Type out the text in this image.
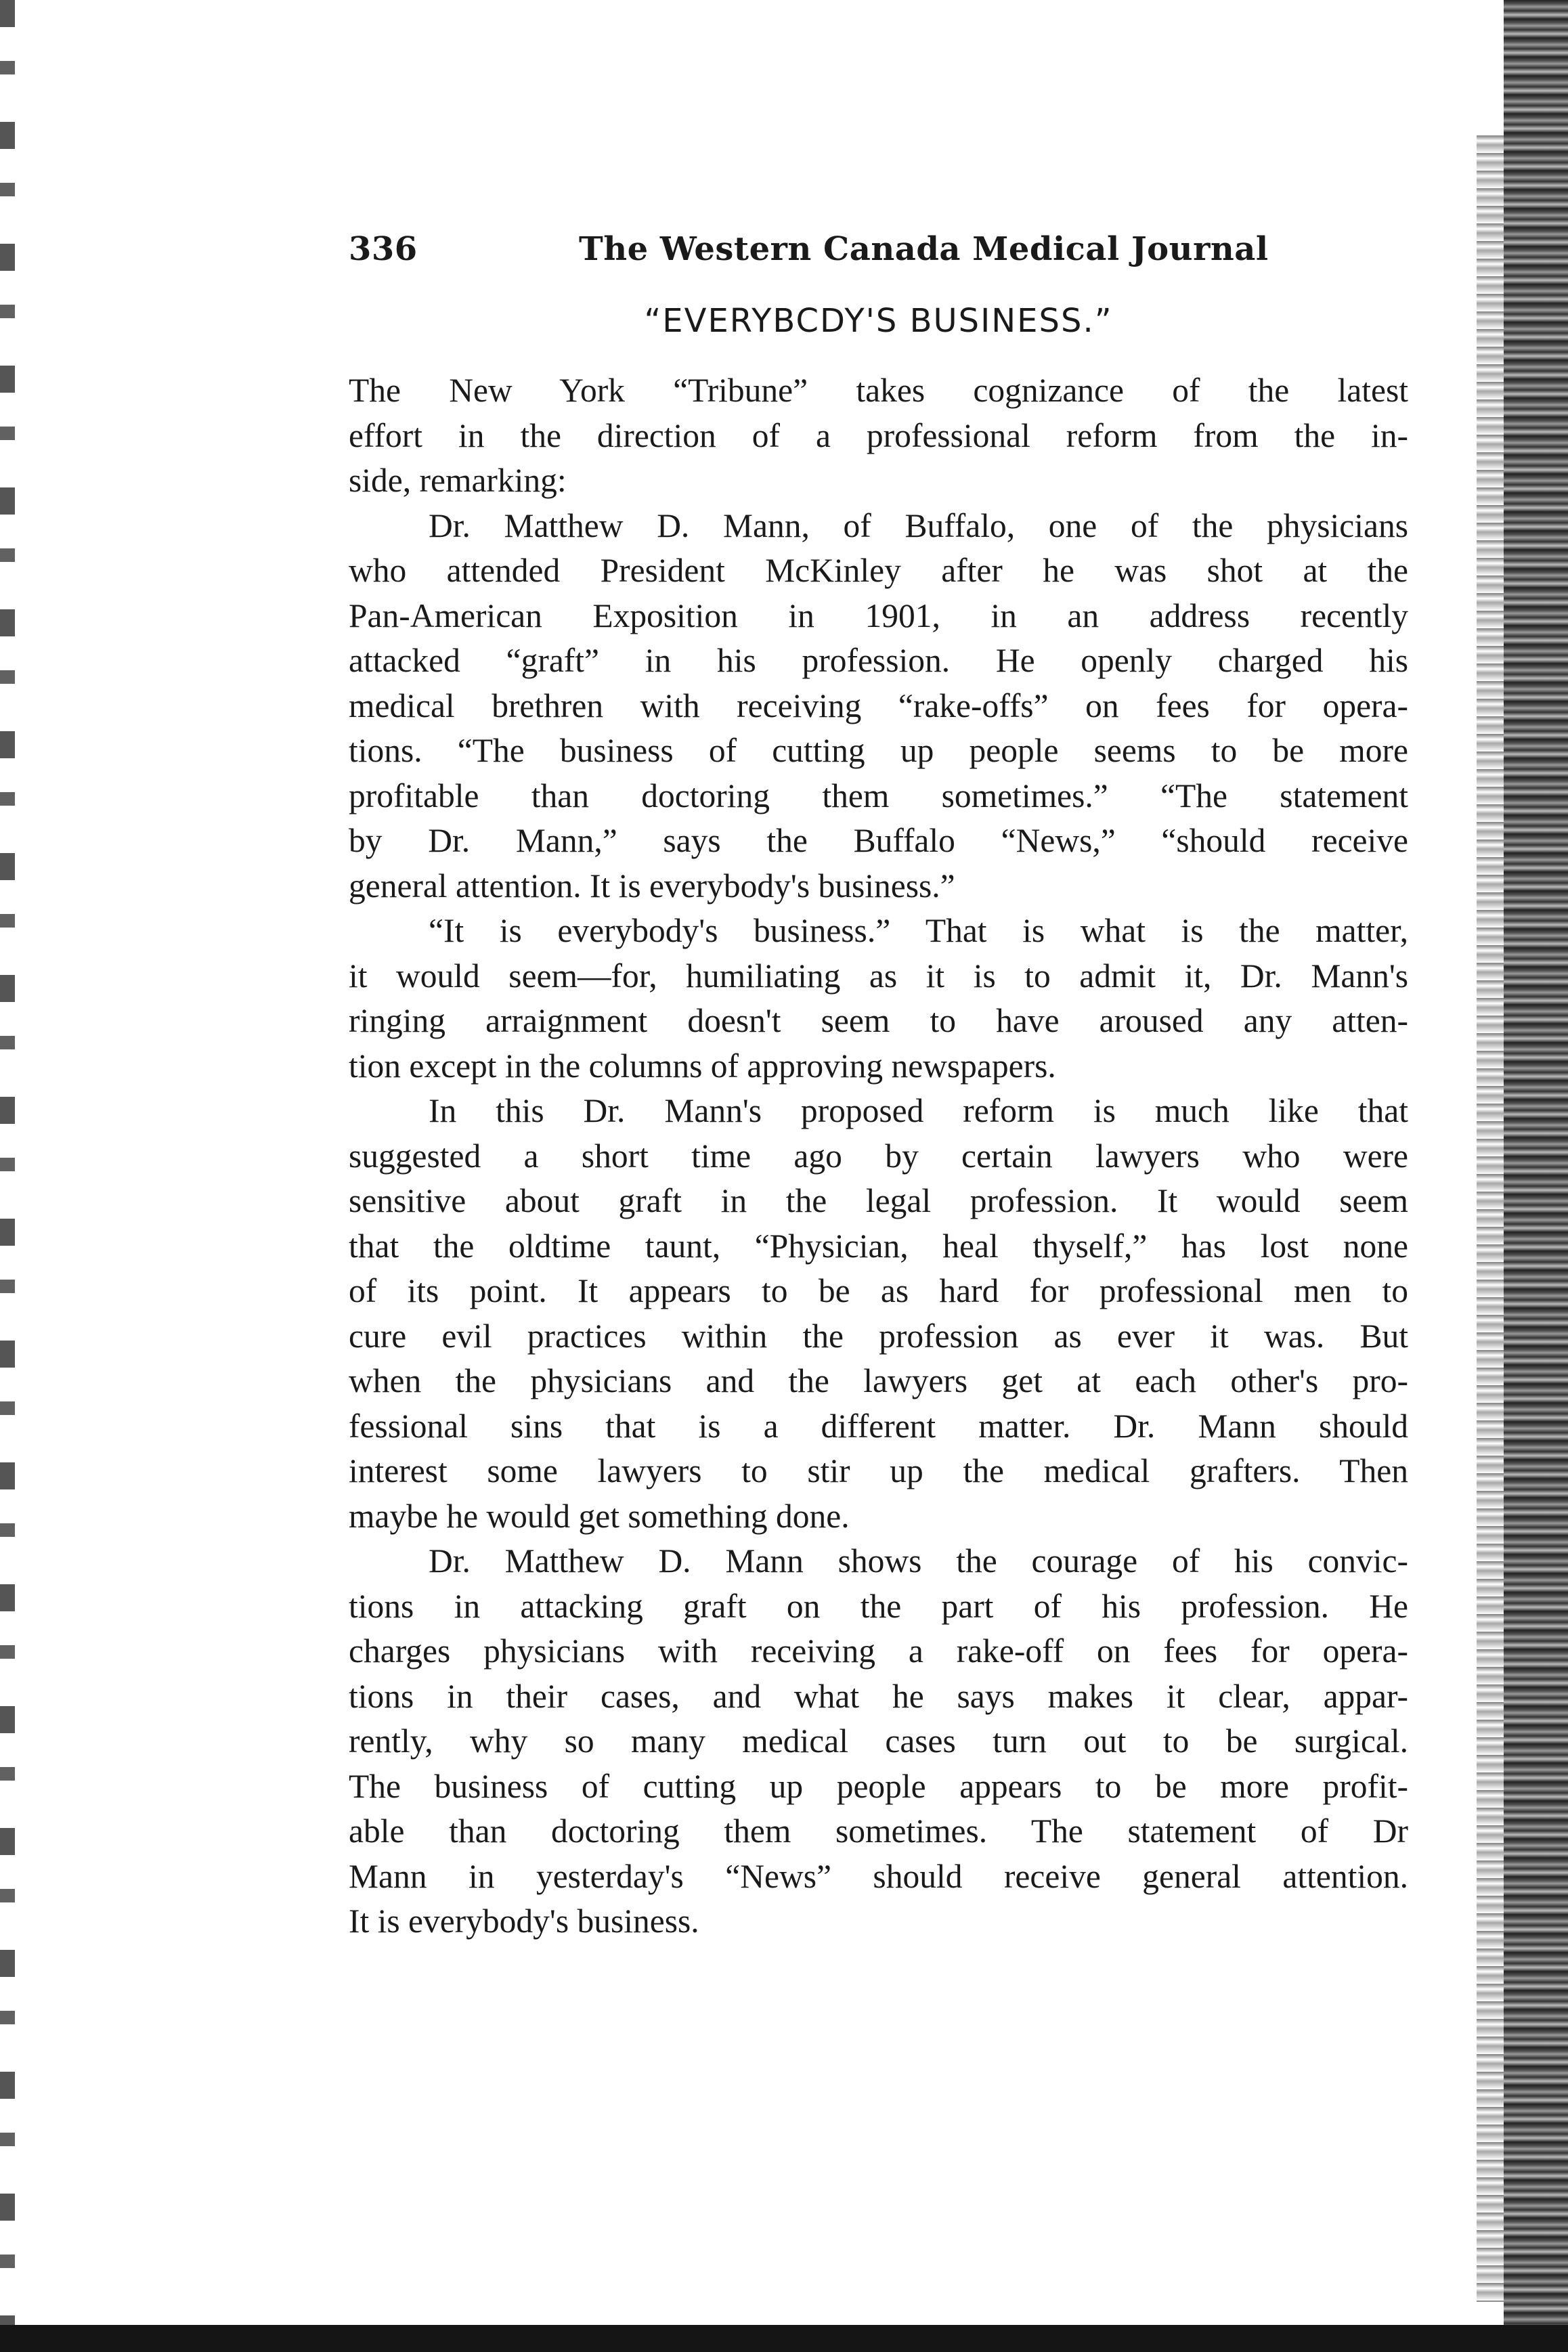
336	The Western Canada Medical Journal
“EVERYBCDY'S BUSINESS.”

The New York “Tribune” takes cognizance of the latest
effort in the direction of a professional reform from the in-
side, remarking:

Dr. Matthew D. Mann, of Buffalo, one of the physicians
who attended President McKinley after he was shot at the
Pan-American Exposition in 1901, in an address recently
attacked “graft” in his profession. He openly charged his
medical brethren with receiving “rake-offs” on fees for opera-
tions. “The business of cutting up people seems to be more
profitable than doctoring them sometimes.” “The statement
by Dr. Mann,” says the Buffalo “News,” “should receive
general attention. It is everybody's business.”

“It is everybody's business.” That is what is the matter,
it would seem—for, humiliating as it is to admit it, Dr. Mann's
ringing arraignment doesn't seem to have aroused any atten-
tion except in the columns of approving newspapers.

In this Dr. Mann's proposed reform is much like that
suggested a short time ago by certain lawyers who were
sensitive about graft in the legal profession. It would seem
that the oldtime taunt, “Physician, heal thyself,” has lost none
of its point. It appears to be as hard for professional men to
cure evil practices within the profession as ever it was. But
when the physicians and the lawyers get at each other's pro-
fessional sins that is a different matter. Dr. Mann should
interest some lawyers to stir up the medical grafters. Then
maybe he would get something done.

Dr. Matthew D. Mann shows the courage of his convic-
tions in attacking graft on the part of his profession. He
charges physicians with receiving a rake-off on fees for opera-
tions in their cases, and what he says makes it clear, appar-
rently, why so many medical cases turn out to be surgical.
The business of cutting up people appears to be more profit-
able than doctoring them sometimes. The statement of Dr
Mann in yesterday's “News” should receive general attention.
It is everybody's business.
